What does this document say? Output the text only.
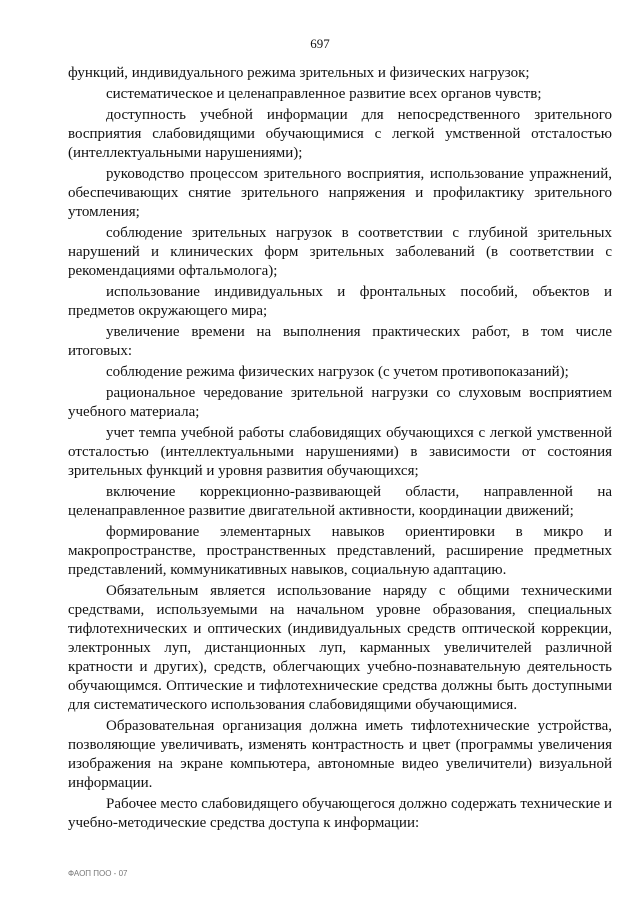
697

функций, индивидуального режима зрительных и физических нагрузок;

систематическое и целенаправленное развитие всех органов чувств;

доступность учебной информации для непосредственного зрительного восприятия слабовидящими обучающимися с легкой умственной отсталостью (интеллектуальными нарушениями);

руководство процессом зрительного восприятия, использование упражнений, обеспечивающих снятие зрительного напряжения и профилактику зрительного утомления;

соблюдение зрительных нагрузок в соответствии с глубиной зрительных нарушений и клинических форм зрительных заболеваний (в соответствии с рекомендациями офтальмолога);

использование индивидуальных и фронтальных пособий, объектов и предметов окружающего мира;

увеличение времени на выполнения практических работ, в том числе итоговых:

соблюдение режима физических нагрузок (с учетом противопоказаний);

рациональное чередование зрительной нагрузки со слуховым восприятием учебного материала;

учет темпа учебной работы слабовидящих обучающихся с легкой умственной отсталостью (интеллектуальными нарушениями) в зависимости от состояния зрительных функций и уровня развития обучающихся;

включение коррекционно-развивающей области, направленной на целенаправленное развитие двигательной активности, координации движений;

формирование элементарных навыков ориентировки в микро и макропространстве, пространственных представлений, расширение предметных представлений, коммуникативных навыков, социальную адаптацию.

Обязательным является использование наряду с общими техническими средствами, используемыми на начальном уровне образования, специальных тифлотехнических и оптических (индивидуальных средств оптической коррекции, электронных луп, дистанционных луп, карманных увеличителей различной кратности и других), средств, облегчающих учебно-познавательную деятельность обучающимся. Оптические и тифлотехнические средства должны быть доступными для систематического использования слабовидящими обучающимися.

Образовательная организация должна иметь тифлотехнические устройства, позволяющие увеличивать, изменять контрастность и цвет (программы увеличения изображения на экране компьютера, автономные видео увеличители) визуальной информации.

Рабочее место слабовидящего обучающегося должно содержать технические и учебно-методические средства доступа к информации:

ФАОП ПОО - 07
